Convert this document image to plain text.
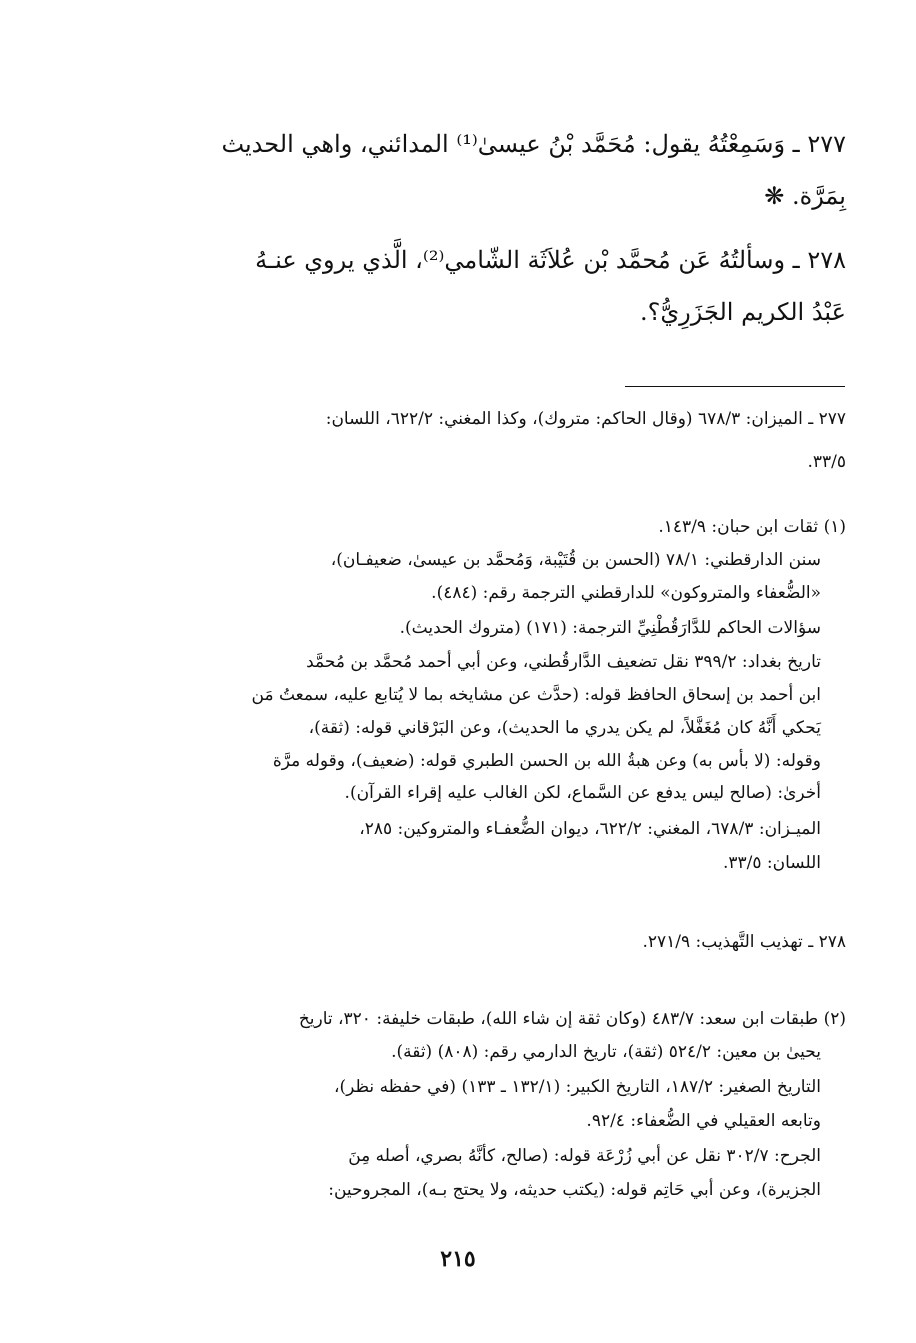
٢٧٧ ـ وَسَمِعْتُهُ يقول: مُحَمَّد بْنُ عيسىٰ⁽¹⁾ المدائني، واهي الحديث

بِمَرَّة. ❋

٢٧٨ ـ وسألتُهُ عَن مُحمَّد بْن عُلاَثَة الشّامي⁽²⁾، الَّذي يروي عنـهُ

عَبْدُ الكريم الجَزَرِيُّ؟.

٢٧٧ ـ الميزان: ٦٧٨/٣ (وقال الحاكم: متروك)، وكذا المغني: ٦٢٢/٢، اللسان:

٣٣/٥.

(١) ثقات ابن حبان: ١٤٣/٩.

سنن الدارقطني: ٧٨/١ (الحسن بن قُتَيْبة، وَمُحمَّد بن عيسىٰ، ضعيفـان)،

«الضُّعفاء والمتروكون» للدارقطني الترجمة رقم: (٤٨٤).

سؤالات الحاكم للدَّارَقُطْنِيِّ الترجمة: (١٧١) (متروك الحديث).

تاريخ بغداد: ٣٩٩/٢ نقل تضعيف الدَّارقُطني، وعن أبي أحمد مُحمَّد بن مُحمَّد

ابن أحمد بن إسحاق الحافظ قوله: (حدَّث عن مشايخه بما لا يُتابع عليه، سمعتُ مَن

يَحكي أَنَّهُ كان مُغَفَّلاً، لم يكن يدري ما الحديث)، وعن البَرْقاني قوله: (ثقة)،

وقوله: (لا بأس به) وعن هبةُ الله بن الحسن الطبري قوله: (ضعيف)، وقوله مرَّة

أخرىٰ: (صالح ليس يدفع عن السَّماع، لكن الغالب عليه إقراء القرآن).

الميـزان: ٦٧٨/٣، المغني: ٦٢٢/٢، ديوان الضُّعفـاء والمتروكين: ٢٨٥،

اللسان: ٣٣/٥.

٢٧٨ ـ تهذيب التَّهذيب: ٢٧١/٩.

(٢) طبقات ابن سعد: ٤٨٣/٧ (وكان ثقة إن شاء الله)، طبقات خليفة: ٣٢٠، تاريخ

يحيىٰ بن معين: ٥٢٤/٢ (ثقة)، تاريخ الدارمي رقم: (٨٠٨) (ثقة).

التاريخ الصغير: ١٨٧/٢، التاريخ الكبير: (١٣٢/١ ـ ١٣٣) (في حفظه نظر)،

وتابعه العقيلي في الضُّعفاء: ٩٢/٤.

الجرح: ٣٠٢/٧ نقل عن أبي زُرْعَة قوله: (صالح، كأنَّهُ بصري، أصله مِنَ

الجزيرة)، وعن أبي حَاتِم قوله: (يكتب حديثه، ولا يحتج بـه)، المجروحين:

٢١٥
